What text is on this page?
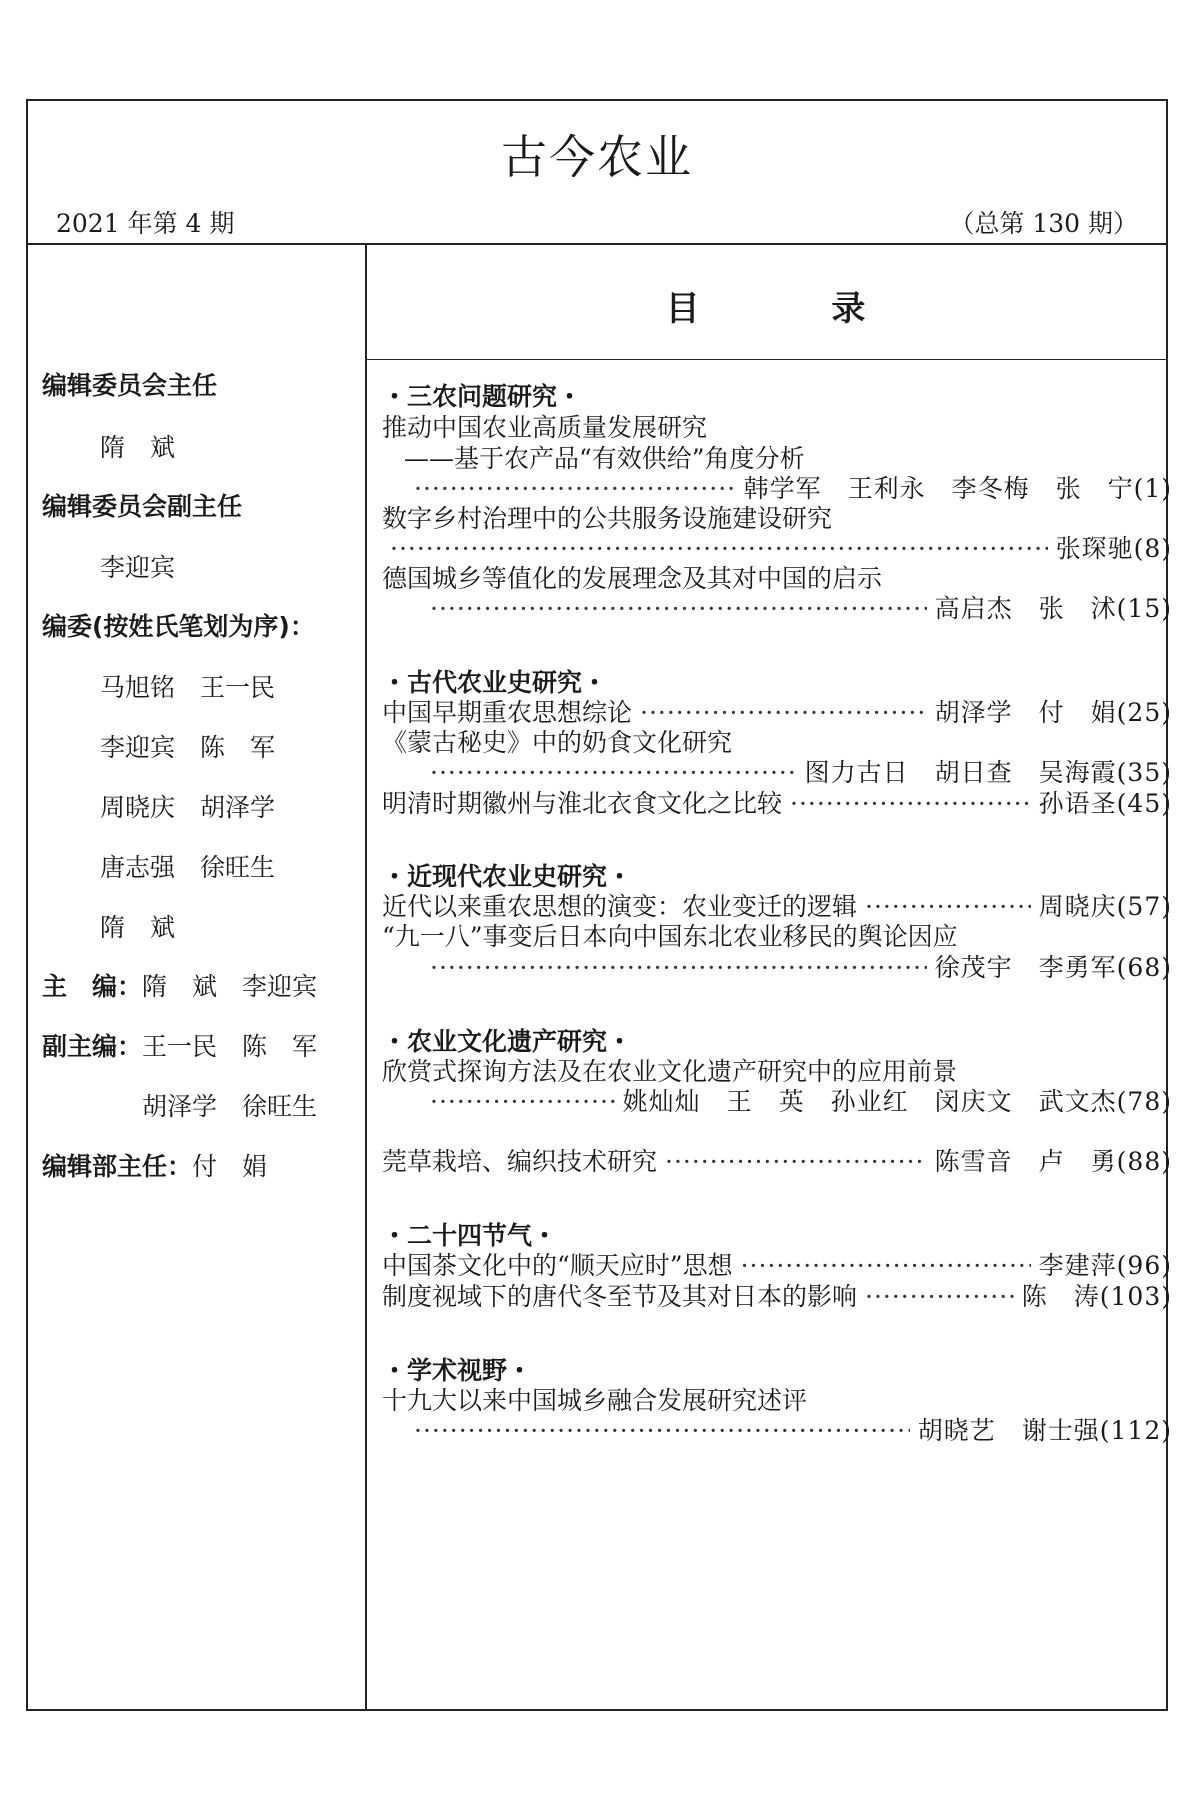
古今农业
2021 年第 4 期	（总第 130 期）
目 录
编辑委员会主任
隋　斌
编辑委员会副主任
李迎宾
编委(按姓氏笔划为序)：
马旭铭　王一民
李迎宾　陈　军
周晓庆　胡泽学
唐志强　徐旺生
隋　斌
主　编：隋　斌　李迎宾
副主编：王一民　陈　军
胡泽学　徐旺生
编辑部主任：付　娟
・三农问题研究・
推动中国农业高质量发展研究
——基于农产品“有效供给”角度分析
·····
韩学军　王利永　李冬梅　张　宁(1)
数字乡村治理中的公共服务设施建设研究
·····
张琛驰(8)
德国城乡等值化的发展理念及其对中国的启示
·····
高启杰　张　沭(15)
・古代农业史研究・
中国早期重农思想综论 ·····	胡泽学　付　娟(25)
《蒙古秘史》中的奶食文化研究
·····
图力古日　胡日查　吴海霞(35)
明清时期徽州与淮北衣食文化之比较 ·····	孙语圣(45)
・近现代农业史研究・
近代以来重农思想的演变：农业变迁的逻辑 ·····	周晓庆(57)
“九一八”事变后日本向中国东北农业移民的舆论因应
·····
徐茂宇　李勇军(68)
・农业文化遗产研究・
欣赏式探询方法及在农业文化遗产研究中的应用前景
·····
姚灿灿　王　英　孙业红　闵庆文　武文杰(78)
莞草栽培、编织技术研究 ·····	陈雪音　卢　勇(88)
・二十四节气・
中国茶文化中的“顺天应时”思想 ·····	李建萍(96)
制度视域下的唐代冬至节及其对日本的影响 ·····	陈　涛(103)
・学术视野・
十九大以来中国城乡融合发展研究述评
·····
胡晓艺　谢士强(112)
